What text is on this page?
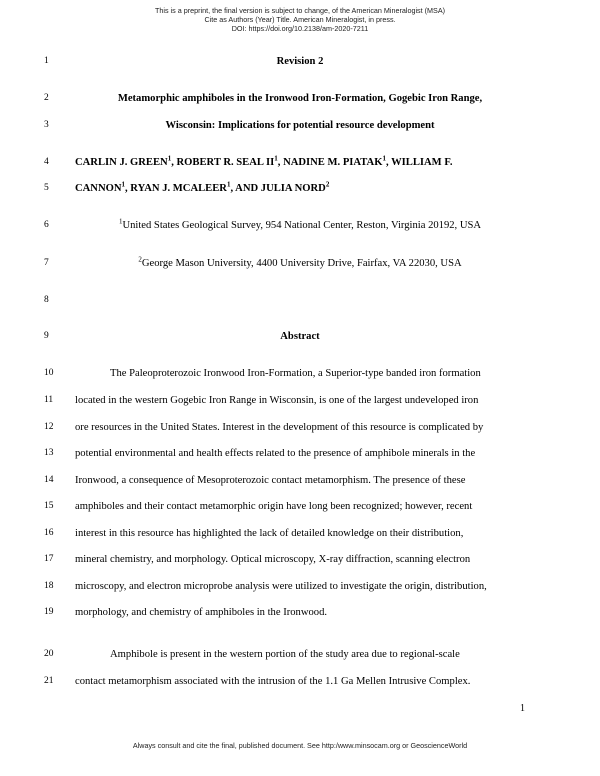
This is a preprint, the final version is subject to change, of the American Mineralogist (MSA)
Cite as Authors (Year) Title. American Mineralogist, in press.
DOI: https://doi.org/10.2138/am-2020-7211
1
2
3
4
5
6
7
8
9
10
11
12
13
14
15
16
17
18
19
20
21
Revision 2
Metamorphic amphiboles in the Ironwood Iron-Formation, Gogebic Iron Range,
Wisconsin: Implications for potential resource development
CARLIN J. GREEN$^1$, ROBERT R. SEAL $II^1$, NADINE M. PIATAK$^1$, WILLIAM F.
CANNON$^1$, RYAN J. MCALEER$^1$, AND JULIA NORD$^2$
$^1$United States Geological Survey, 954 National Center, Reston, Virginia 20192, USA
$^2$George Mason University, 4400 University Drive, Fairfax, VA 22030, USA
Abstract
The Paleoproterozoic Ironwood Iron-Formation, a Superior-type banded iron formation
located in the western Gogebic Iron Range in Wisconsin, is one of the largest undeveloped iron
ore resources in the United States. Interest in the development of this resource is complicated by
potential environmental and health effects related to the presence of amphibole minerals in the
Ironwood, a consequence of Mesoproterozoic contact metamorphism. The presence of these
amphiboles and their contact metamorphic origin have long been recognized; however, recent
interest in this resource has highlighted the lack of detailed knowledge on their distribution,
mineral chemistry, and morphology. Optical microscopy, X-ray diffraction, scanning electron
microscopy, and electron microprobe analysis were utilized to investigate the origin, distribution,
morphology, and chemistry of amphiboles in the Ironwood.
Amphibole is present in the western portion of the study area due to regional-scale
contact metamorphism associated with the intrusion of the 1.1 Ga Mellen Intrusive Complex.
1
Always consult and cite the final, published document. See http:/www.minsocam.org or GeoscienceWorld
